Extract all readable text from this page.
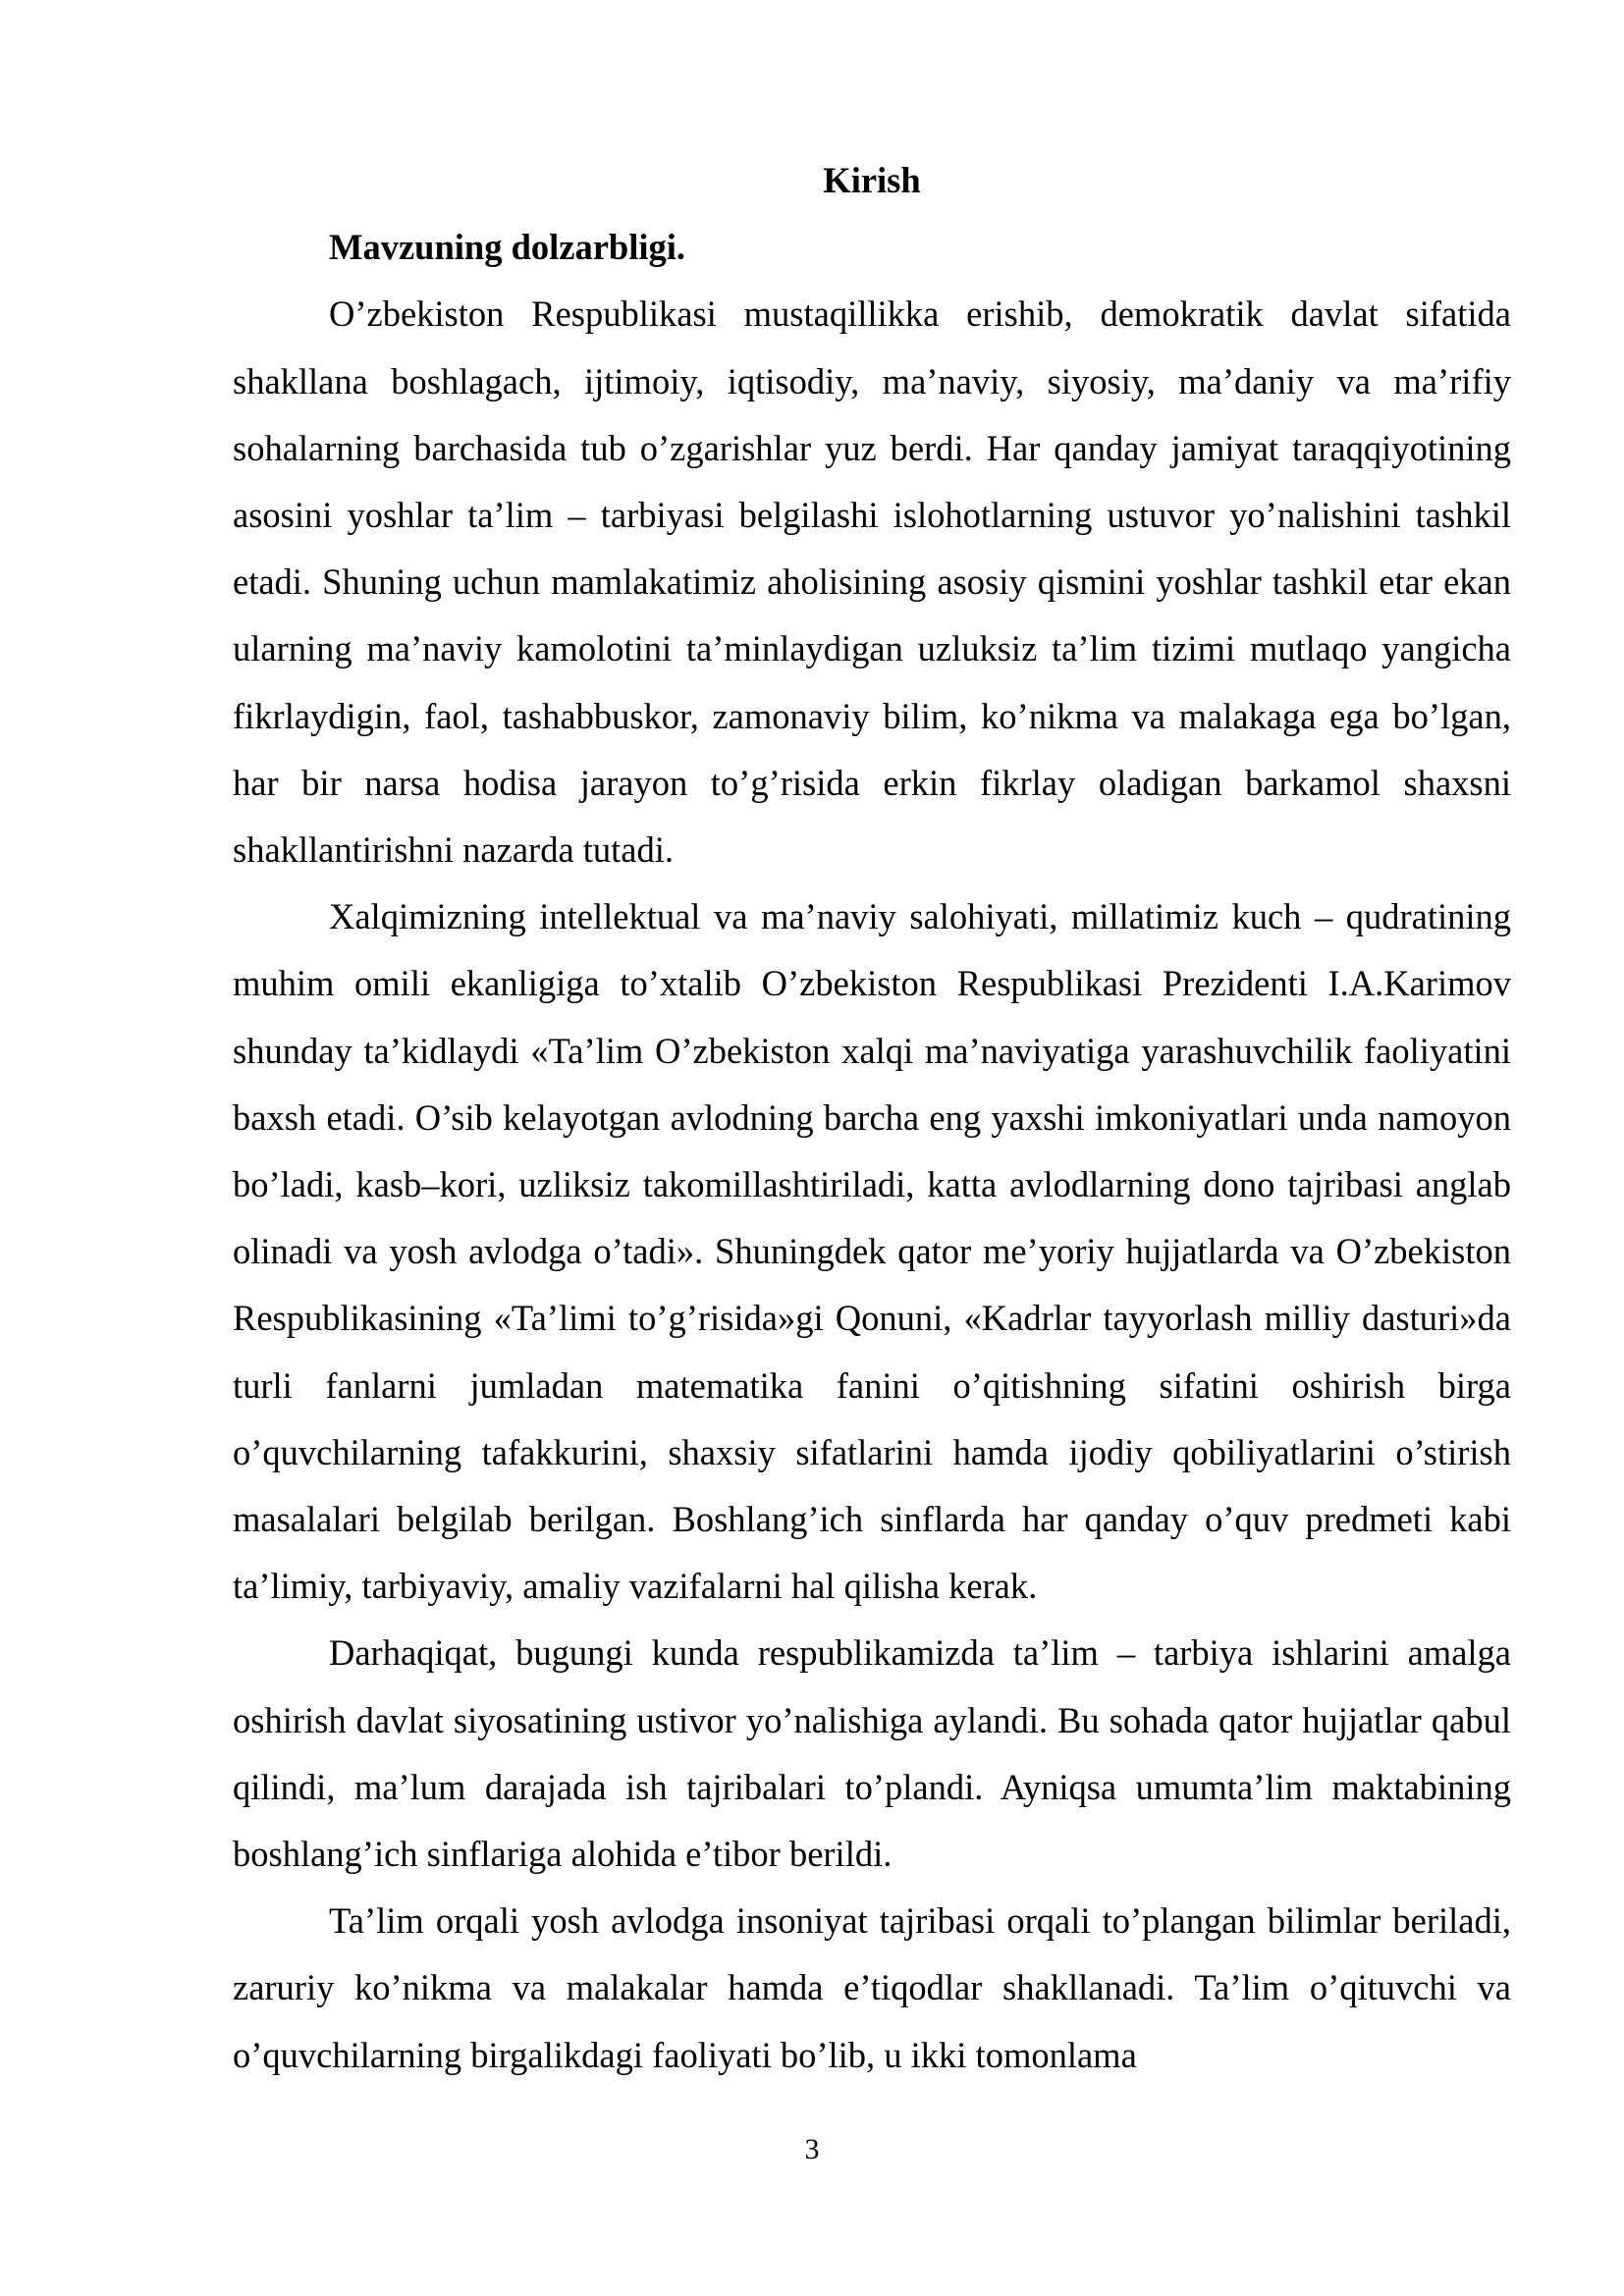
Kirish

Mavzuning dolzarbligi.

O’zbekiston Respublikasi mustaqillikka erishib, demokratik davlat sifatida shakllana boshlagach, ijtimoiy, iqtisodiy, ma’naviy, siyosiy, ma’daniy va ma’rifiy sohalarning barchasida tub o’zgarishlar yuz berdi. Har qanday jamiyat taraqqiyotining asosini yoshlar ta’lim – tarbiyasi belgilashi islohotlarning ustuvor yo’nalishini tashkil etadi. Shuning uchun mamlakatimiz aholisining asosiy qismini yoshlar tashkil etar ekan ularning ma’naviy kamolotini ta’minlaydigan uzluksiz ta’lim tizimi mutlaqo yangicha fikrlaydigin, faol, tashabbuskor, zamonaviy bilim, ko’nikma va malakaga ega bo’lgan, har bir narsa hodisa jarayon to’g’risida erkin fikrlay oladigan barkamol shaxsni shakllantirishni nazarda tutadi.

Xalqimizning intellektual va ma’naviy salohiyati, millatimiz kuch – qudratining muhim omili ekanligiga to’xtalib O’zbekiston Respublikasi Prezidenti I.A.Karimov shunday ta’kidlaydi «Ta’lim O’zbekiston xalqi ma’naviyatiga yarashuvchilik faoliyatini baxsh etadi. O’sib kelayotgan avlodning barcha eng yaxshi imkoniyatlari unda namoyon bo’ladi, kasb–kori, uzliksiz takomillashtiriladi, katta avlodlarning dono tajribasi anglab olinadi va yosh avlodga o’tadi». Shuningdek qator me’yoriy hujjatlarda va O’zbekiston Respublikasining «Ta’limi to’g’risida»gi Qonuni, «Kadrlar tayyorlash milliy dasturi»da turli fanlarni jumladan matematika fanini o’qitishning sifatini oshirish birga o’quvchilarning tafakkurini, shaxsiy sifatlarini hamda ijodiy qobiliyatlarini o’stirish masalalari belgilab berilgan. Boshlang’ich sinflarda har qanday o’quv predmeti kabi ta’limiy, tarbiyaviy, amaliy vazifalarni hal qilisha kerak.

Darhaqiqat, bugungi kunda respublikamizda ta’lim – tarbiya ishlarini amalga oshirish davlat siyosatining ustivor yo’nalishiga aylandi. Bu sohada qator hujjatlar qabul qilindi, ma’lum darajada ish tajribalari to’plandi. Ayniqsa umumta’lim maktabining boshlang’ich sinflariga alohida e’tibor berildi.

Ta’lim orqali yosh avlodga insoniyat tajribasi orqali to’plangan bilimlar beriladi, zaruriy ko’nikma va malakalar hamda e’tiqodlar shakllanadi. Ta’lim o’qituvchi va o’quvchilarning birgalikdagi faoliyati bo’lib, u ikki tomonlama

3
